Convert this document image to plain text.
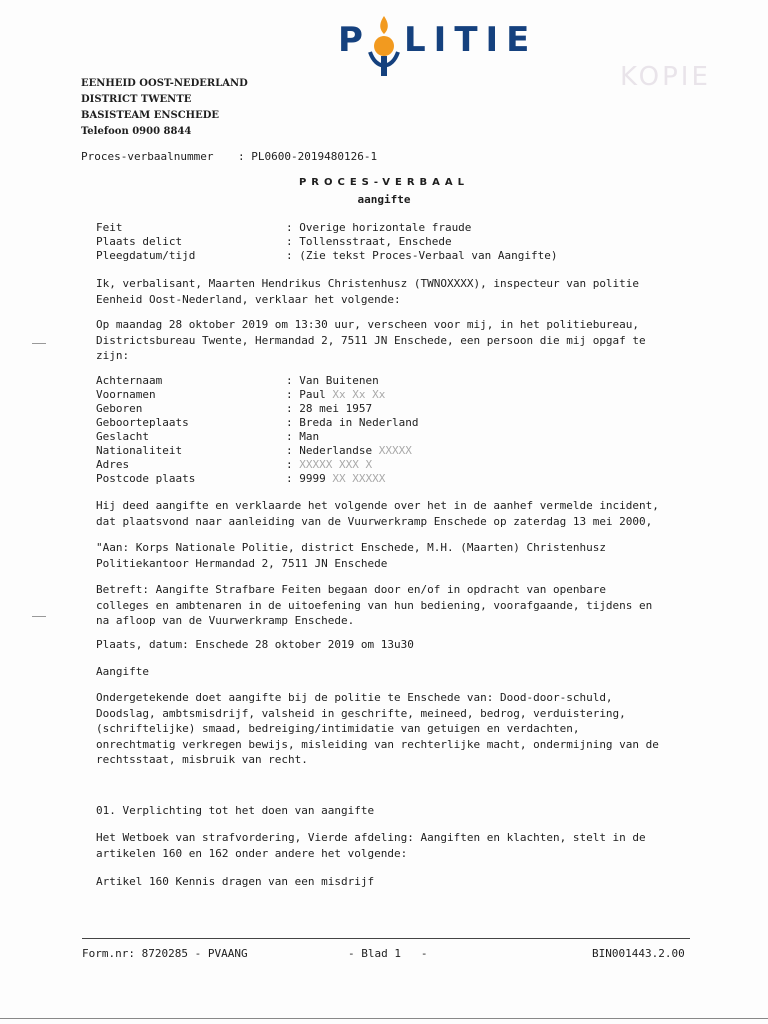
P LITIE
KOPIE
EENHEID OOST-NEDERLAND
DISTRICT TWENTE
BASISTEAM ENSCHEDE
Telefoon 0900 8844
Proces-verbaalnummer : PL0600-2019480126-1
PROCES-VERBAAL
aangifte
Feit	: Overige horizontale fraude
Plaats delict	: Tollensstraat, Enschede
Pleegdatum/tijd	: (Zie tekst Proces-Verbaal van Aangifte)
Ik, verbalisant, Maarten Hendrikus Christenhusz (TWNOXXXX), inspecteur van politie
Eenheid Oost-Nederland, verklaar het volgende:
Op maandag 28 oktober 2019 om 13:30 uur, verscheen voor mij, in het politiebureau,
Districtsbureau Twente, Hermandad 2, 7511 JN Enschede, een persoon die mij opgaf te
zijn:
Achternaam	: Van Buitenen
Voornamen	: Paul Xx Xx Xx
Geboren	: 28 mei 1957
Geboorteplaats	: Breda in Nederland
Geslacht	: Man
Nationaliteit	: Nederlandse XXXXX
Adres	: XXXXX XXX X
Postcode plaats	: 9999 XX XXXXX
Hij deed aangifte en verklaarde het volgende over het in de aanhef vermelde incident,
dat plaatsvond naar aanleiding van de Vuurwerkramp Enschede op zaterdag 13 mei 2000,
"Aan: Korps Nationale Politie, district Enschede, M.H. (Maarten) Christenhusz
Politiekantoor Hermandad 2, 7511 JN Enschede
Betreft: Aangifte Strafbare Feiten begaan door en/of in opdracht van openbare
colleges en ambtenaren in de uitoefening van hun bediening, voorafgaande, tijdens en
na afloop van de Vuurwerkramp Enschede.
Plaats, datum: Enschede 28 oktober 2019 om 13u30
Aangifte
Ondergetekende doet aangifte bij de politie te Enschede van: Dood-door-schuld,
Doodslag, ambtsmisdrijf, valsheid in geschrifte, meineed, bedrog, verduistering,
(schriftelijke) smaad, bedreiging/intimidatie van getuigen en verdachten,
onrechtmatig verkregen bewijs, misleiding van rechterlijke macht, ondermijning van de
rechtsstaat, misbruik van recht.
01. Verplichting tot het doen van aangifte
Het Wetboek van strafvordering, Vierde afdeling: Aangiften en klachten, stelt in de
artikelen 160 en 162 onder andere het volgende:
Artikel 160 Kennis dragen van een misdrijf
Form.nr: 8720285 - PVAANG	- Blad 1   -	BIN001443.2.00
